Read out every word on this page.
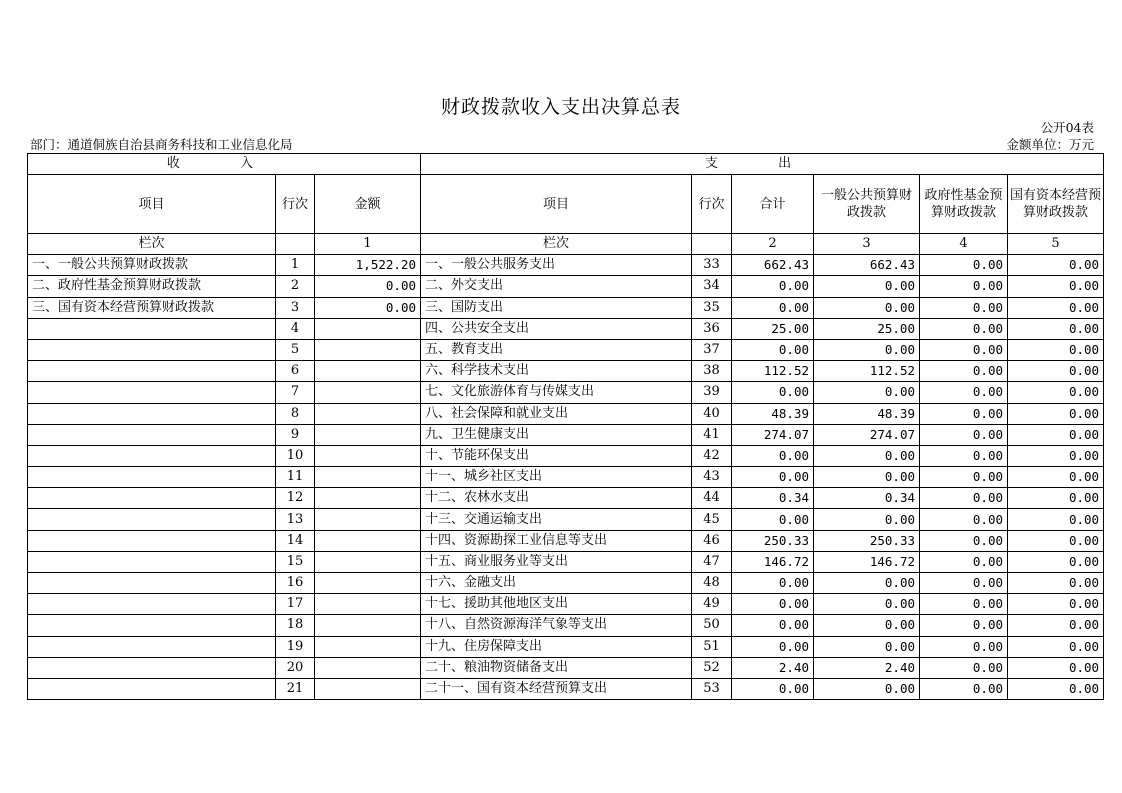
财政拨款收入支出决算总表
公开04表
部门：通道侗族自治县商务科技和工业信息化局	金额单位：万元
收 入			支 出					
项目	行次	金额	项目	行次	合计	一般公共预算财政拨款	政府性基金预算财政拨款	国有资本经营预算财政拨款
栏次		1	栏次		2	3	4	5
一、一般公共预算财政拨款	1	1,522.20	一、一般公共服务支出	33	662.43	662.43	0.00	0.00
二、政府性基金预算财政拨款	2	0.00	二、外交支出	34	0.00	0.00	0.00	0.00
三、国有资本经营预算财政拨款	3	0.00	三、国防支出	35	0.00	0.00	0.00	0.00
	4		四、公共安全支出	36	25.00	25.00	0.00	0.00
	5		五、教育支出	37	0.00	0.00	0.00	0.00
	6		六、科学技术支出	38	112.52	112.52	0.00	0.00
	7		七、文化旅游体育与传媒支出	39	0.00	0.00	0.00	0.00
	8		八、社会保障和就业支出	40	48.39	48.39	0.00	0.00
	9		九、卫生健康支出	41	274.07	274.07	0.00	0.00
	10		十、节能环保支出	42	0.00	0.00	0.00	0.00
	11		十一、城乡社区支出	43	0.00	0.00	0.00	0.00
	12		十二、农林水支出	44	0.34	0.34	0.00	0.00
	13		十三、交通运输支出	45	0.00	0.00	0.00	0.00
	14		十四、资源勘探工业信息等支出	46	250.33	250.33	0.00	0.00
	15		十五、商业服务业等支出	47	146.72	146.72	0.00	0.00
	16		十六、金融支出	48	0.00	0.00	0.00	0.00
	17		十七、援助其他地区支出	49	0.00	0.00	0.00	0.00
	18		十八、自然资源海洋气象等支出	50	0.00	0.00	0.00	0.00
	19		十九、住房保障支出	51	0.00	0.00	0.00	0.00
	20		二十、粮油物资储备支出	52	2.40	2.40	0.00	0.00
	21		二十一、国有资本经营预算支出	53	0.00	0.00	0.00	0.00
